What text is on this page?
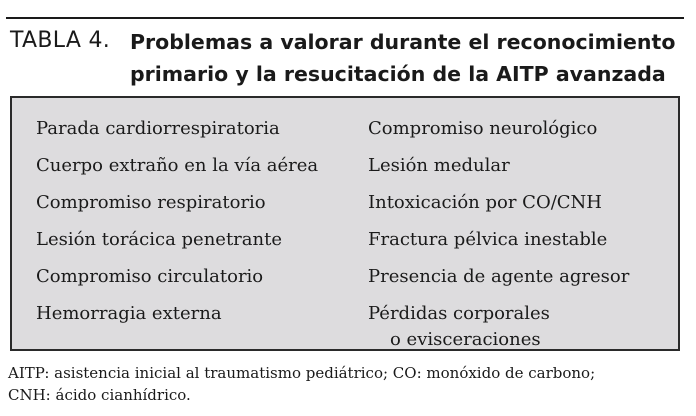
TABLA 4. Problemas a valorar durante el reconocimiento
primario y la resucitación de la AITP avanzada
Parada cardiorrespiratoria
Cuerpo extraño en la vía aérea
Compromiso respiratorio
Lesión torácica penetrante
Compromiso circulatorio
Hemorragia externa
Compromiso neurológico
Lesión medular
Intoxicación por CO/CNH
Fractura pélvica inestable
Presencia de agente agresor
Pérdidas corporales
o evisceraciones
AITP: asistencia inicial al traumatismo pediátrico; CO: monóxido de carbono;
CNH: ácido cianhídrico.
